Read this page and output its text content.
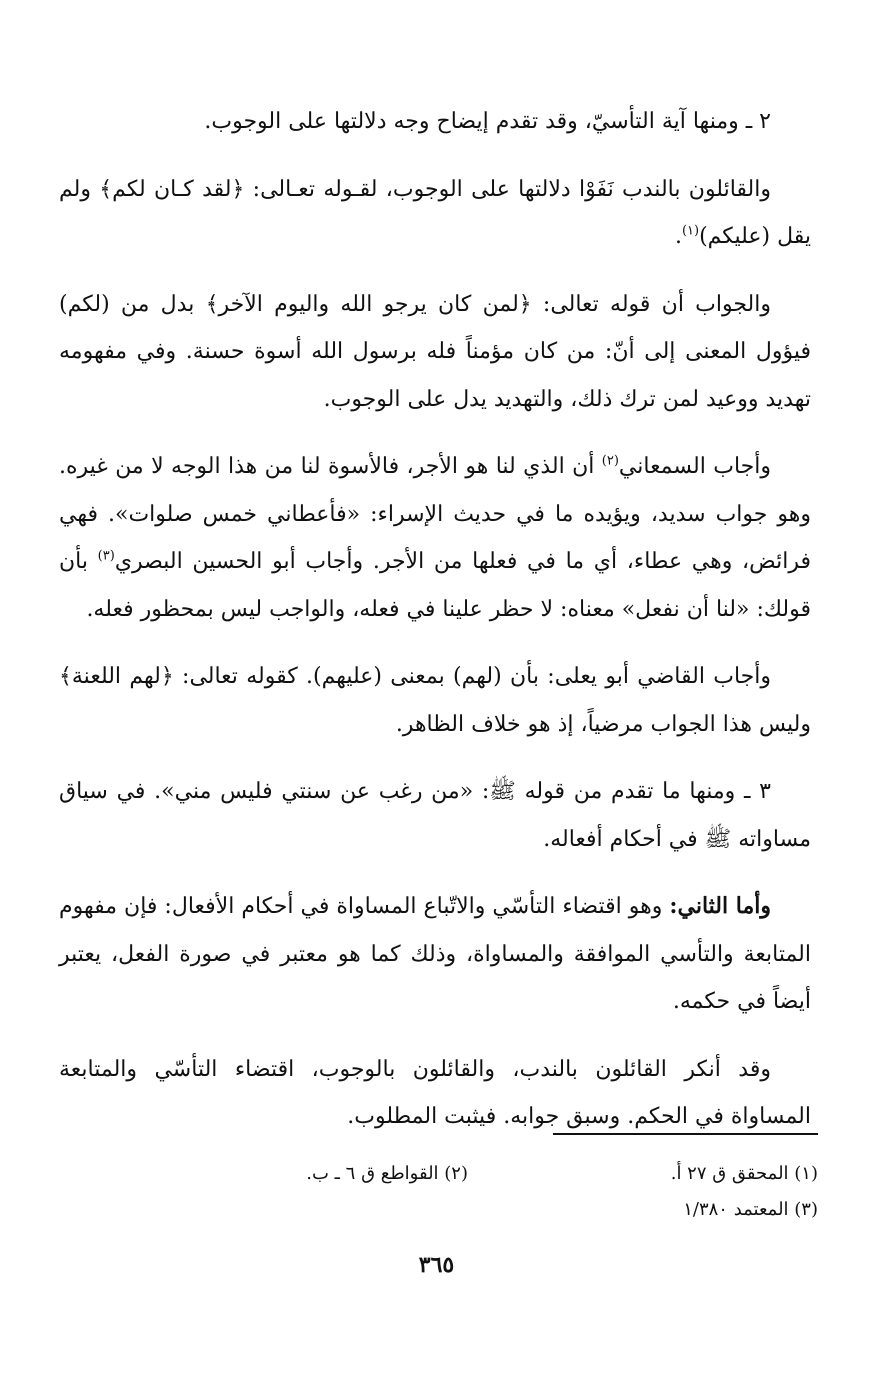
٢ ـ ومنها آية التأسيّ، وقد تقدم إيضاح وجه دلالتها على الوجوب.

والقائلون بالندب نَفَوْا دلالتها على الوجوب، لقـوله تعـالى: ﴿لقد كـان لكم﴾ ولم يقل (عليكم)$^{(١)}$.

والجواب أن قوله تعالى: ﴿لمن كان يرجو الله واليوم الآخر﴾ بدل من (لكم) فيؤول المعنى إلى أنّ: من كان مؤمناً فله برسول الله أسوة حسنة. وفي مفهومه تهديد ووعيد لمن ترك ذلك، والتهديد يدل على الوجوب.

وأجاب السمعاني$^{(٢)}$ أن الذي لنا هو الأجر، فالأسوة لنا من هذا الوجه لا من غيره. وهو جواب سديد، ويؤيده ما في حديث الإسراء: «فأعطاني خمس صلوات». فهي فرائض، وهي عطاء، أي ما في فعلها من الأجر. وأجاب أبو الحسين البصري$^{(٣)}$ بأن قولك: «لنا أن نفعل» معناه: لا حظر علينا في فعله، والواجب ليس بمحظور فعله.

وأجاب القاضي أبو يعلى: بأن (لهم) بمعنى (عليهم). كقوله تعالى: ﴿لهم اللعنة﴾ وليس هذا الجواب مرضياً، إذ هو خلاف الظاهر.

٣ ـ ومنها ما تقدم من قوله ﷺ: «من رغب عن سنتي فليس مني». في سياق مساواته ﷺ في أحكام أفعاله.

وأما الثاني: وهو اقتضاء التأسّي والاتّباع المساواة في أحكام الأفعال: فإن مفهوم المتابعة والتأسي الموافقة والمساواة، وذلك كما هو معتبر في صورة الفعل، يعتبر أيضاً في حكمه.

وقد أنكر القائلون بالندب، والقائلون بالوجوب، اقتضاء التأسّي والمتابعة المساواة في الحكم. وسبق جوابه. فيثبت المطلوب.

(١) المحقق ق ٢٧ أ.
(٢) القواطع ق ٦ ـ ب.
(٣) المعتمد ١/٣٨٠
٣٦٥
